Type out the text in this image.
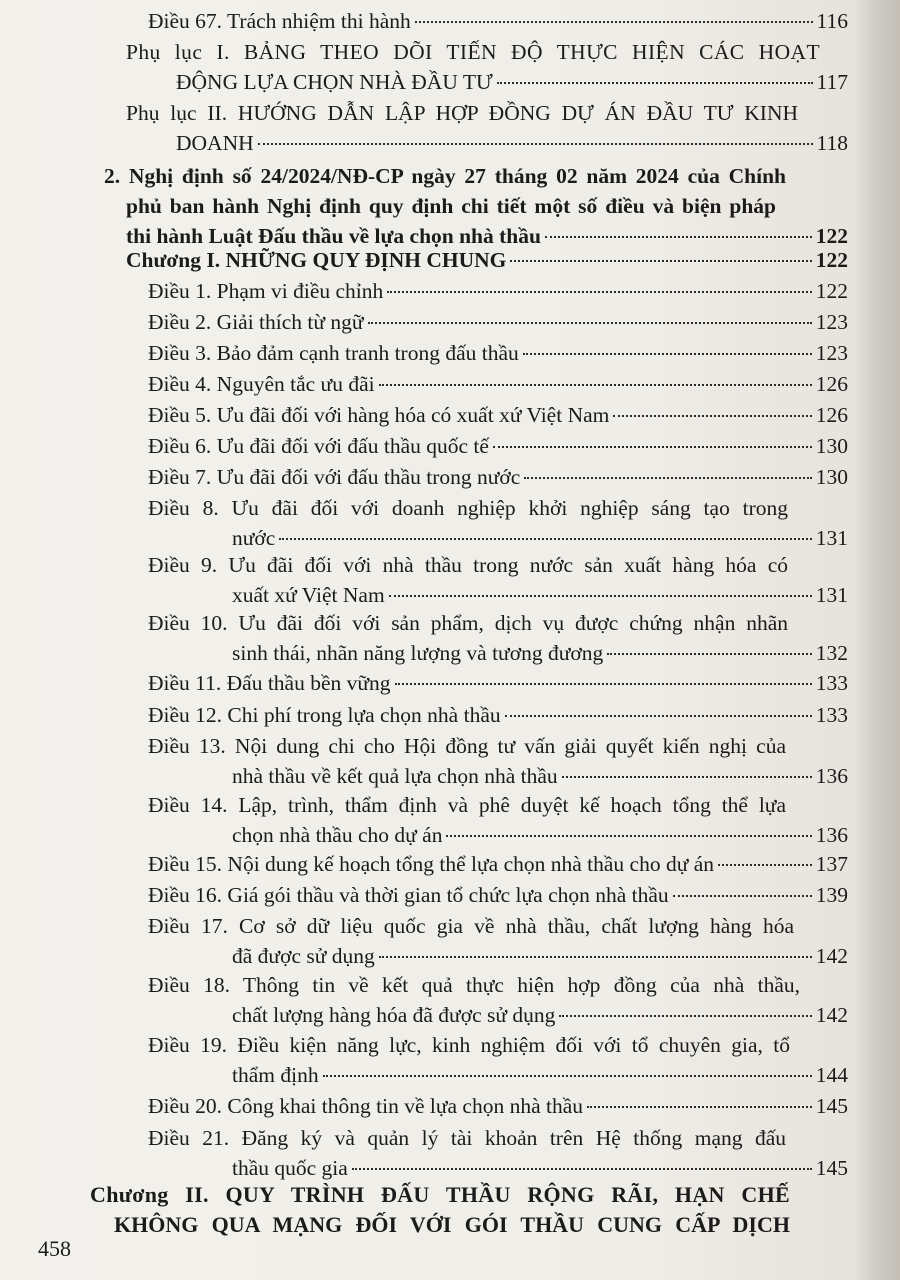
Điều 67. Trách nhiệm thi hành	116
Phụ lục I. BẢNG THEO DÕI TIẾN ĐỘ THỰC HIỆN CÁC HOẠT
ĐỘNG LỰA CHỌN NHÀ ĐẦU TƯ	117
Phụ lục II. HƯỚNG DẪN LẬP HỢP ĐỒNG DỰ ÁN ĐẦU TƯ KINH
DOANH	118
2. Nghị định số 24/2024/NĐ-CP ngày 27 tháng 02 năm 2024 của Chính
phủ ban hành Nghị định quy định chi tiết một số điều và biện pháp
thi hành Luật Đấu thầu về lựa chọn nhà thầu	122
Chương I. NHỮNG QUY ĐỊNH CHUNG	122
Điều 1. Phạm vi điều chỉnh	122
Điều 2. Giải thích từ ngữ	123
Điều 3. Bảo đảm cạnh tranh trong đấu thầu	123
Điều 4. Nguyên tắc ưu đãi	126
Điều 5. Ưu đãi đối với hàng hóa có xuất xứ Việt Nam	126
Điều 6. Ưu đãi đối với đấu thầu quốc tế	130
Điều 7. Ưu đãi đối với đấu thầu trong nước	130
Điều 8. Ưu đãi đối với doanh nghiệp khởi nghiệp sáng tạo trong
nước	131
Điều 9. Ưu đãi đối với nhà thầu trong nước sản xuất hàng hóa có
xuất xứ Việt Nam	131
Điều 10. Ưu đãi đối với sản phẩm, dịch vụ được chứng nhận nhãn
sinh thái, nhãn năng lượng và tương đương	132
Điều 11. Đấu thầu bền vững	133
Điều 12. Chi phí trong lựa chọn nhà thầu	133
Điều 13. Nội dung chi cho Hội đồng tư vấn giải quyết kiến nghị của
nhà thầu về kết quả lựa chọn nhà thầu	136
Điều 14. Lập, trình, thẩm định và phê duyệt kế hoạch tổng thể lựa
chọn nhà thầu cho dự án	136
Điều 15. Nội dung kế hoạch tổng thể lựa chọn nhà thầu cho dự án	137
Điều 16. Giá gói thầu và thời gian tổ chức lựa chọn nhà thầu	139
Điều 17. Cơ sở dữ liệu quốc gia về nhà thầu, chất lượng hàng hóa
đã được sử dụng	142
Điều 18. Thông tin về kết quả thực hiện hợp đồng của nhà thầu,
chất lượng hàng hóa đã được sử dụng	142
Điều 19. Điều kiện năng lực, kinh nghiệm đối với tổ chuyên gia, tổ
thẩm định	144
Điều 20. Công khai thông tin về lựa chọn nhà thầu	145
Điều 21. Đăng ký và quản lý tài khoản trên Hệ thống mạng đấu
thầu quốc gia	145
Chương II. QUY TRÌNH ĐẤU THẦU RỘNG RÃI, HẠN CHẾ
KHÔNG QUA MẠNG ĐỐI VỚI GÓI THẦU CUNG CẤP DỊCH
458
